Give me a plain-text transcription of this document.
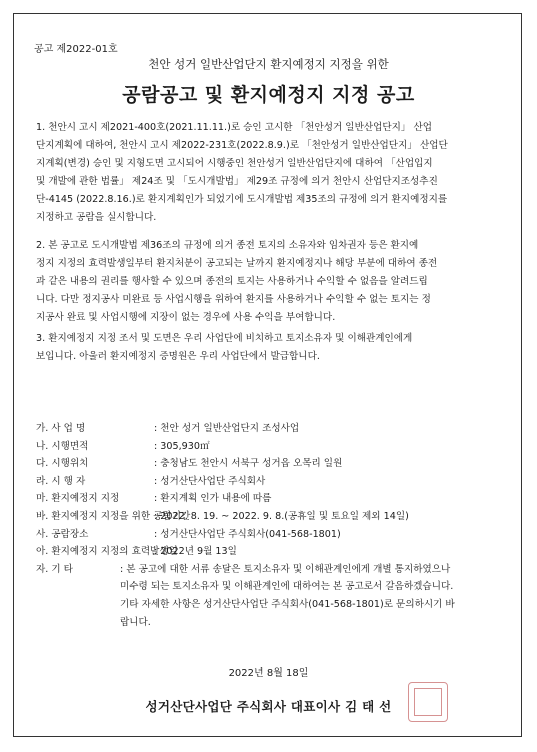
공고 제2022-01호
천안 성거 일반산업단지 환지예정지 지정을 위한
공람공고 및 환지예정지 지정 공고
1. 천안시 고시 제2021-400호(2021.11.11.)로 승인 고시한 「천안성거 일반산업단지」 산업
단지계획에 대하여, 천안시 고시 제2022-231호(2022.8.9.)로 「천안성거 일반산업단지」 산업단
지계획(변경) 승인 및 지형도면 고시되어 시행중인 천안성거 일반산업단지에 대하여 「산업입지
및 개발에 관한 법률」 제24조 및 「도시개발법」 제29조 규정에 의거 천안시 산업단지조성추진
단-4145 (2022.8.16.)로 환지계획인가 되었기에 도시개발법 제35조의 규정에 의거 환지예정지를
지정하고 공람을 실시합니다.
2. 본 공고로 도시개발법 제36조의 규정에 의거 종전 토지의 소유자와 임차권자 등은 환지예
정지 지정의 효력발생일부터 환지처분이 공고되는 날까지 환지예정지나 해당 부분에 대하여 종전
과 같은 내용의 권리를 행사할 수 있으며 종전의 토지는 사용하거나 수익할 수 없음을 알려드립
니다. 다만 정지공사 미완료 등 사업시행을 위하여 환지를 사용하거나 수익할 수 없는 토지는 정
지공사 완료 및 사업시행에 지장이 없는 경우에 사용 수익을 부여합니다.
3. 환지예정지 지정 조서 및 도면은 우리 사업단에 비치하고 토지소유자 및 이해관계인에게
보입니다. 아울러 환지예정지 증명원은 우리 사업단에서 발급합니다.
가. 사 업 명	: 천안 성거 일반산업단지 조성사업
나. 시행면적	: 305,930㎡
다. 시행위치	: 충청남도 천안시 서북구 성거읍 오목리 일원
라. 시 행 자	: 성거산단사업단 주식회사
마. 환지예정지 지정	: 환지계획 인가 내용에 따름
바. 환지예정지 지정을 위한 공람기간
: 2022. 8. 19. ~ 2022. 9. 8.(공휴일 및 토요일 제외 14일)
사. 공람장소	: 성거산단사업단 주식회사(041-568-1801)
아. 환지예정지 지정의 효력발생일
: 2022년 9월 13일
자. 기 타	: 본 공고에 대한 서류 송달은 토지소유자 및 이해관계인에게 개별 통지하였으나
미수령 되는 토지소유자 및 이해관계인에 대하여는 본 공고로서 갈음하겠습니다.
기타 자세한 사항은 성거산단사업단 주식회사(041-568-1801)로 문의하시기 바
랍니다.
2022년 8월 18일
성거산단사업단 주식회사 대표이사 김 태 선
